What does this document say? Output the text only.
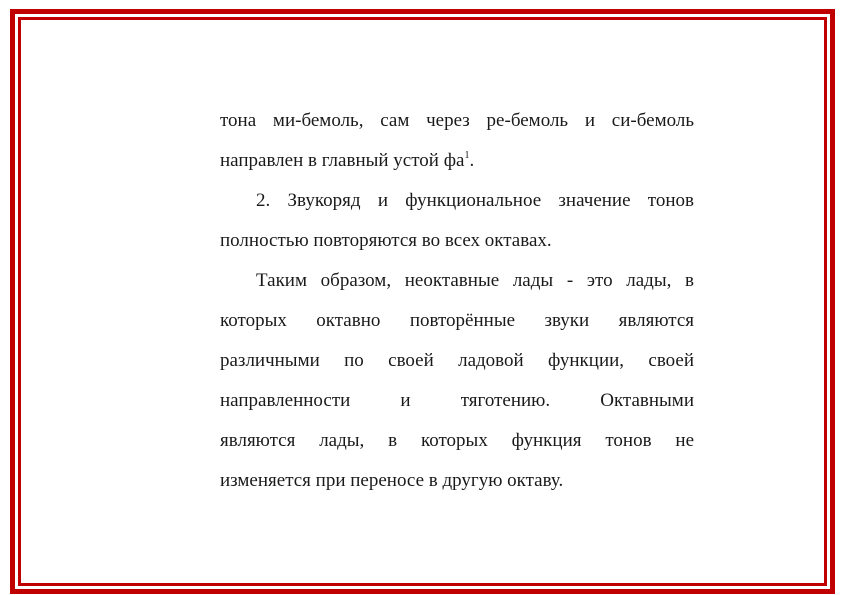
тона ми-бемоль, сам через ре-бемоль и си-бемоль
направлен в главный устой $фа^1$.
2. Звукоряд и функциональное значение тонов
полностью повторяются во всех октавах.
Таким образом, неоктавные лады - это лады, в
которых октавно повторённые звуки являются
различными по своей ладовой функции, своей
направленности и тяготению. Октавными
являются лады, в которых функция тонов не
изменяется при переносе в другую октаву.
